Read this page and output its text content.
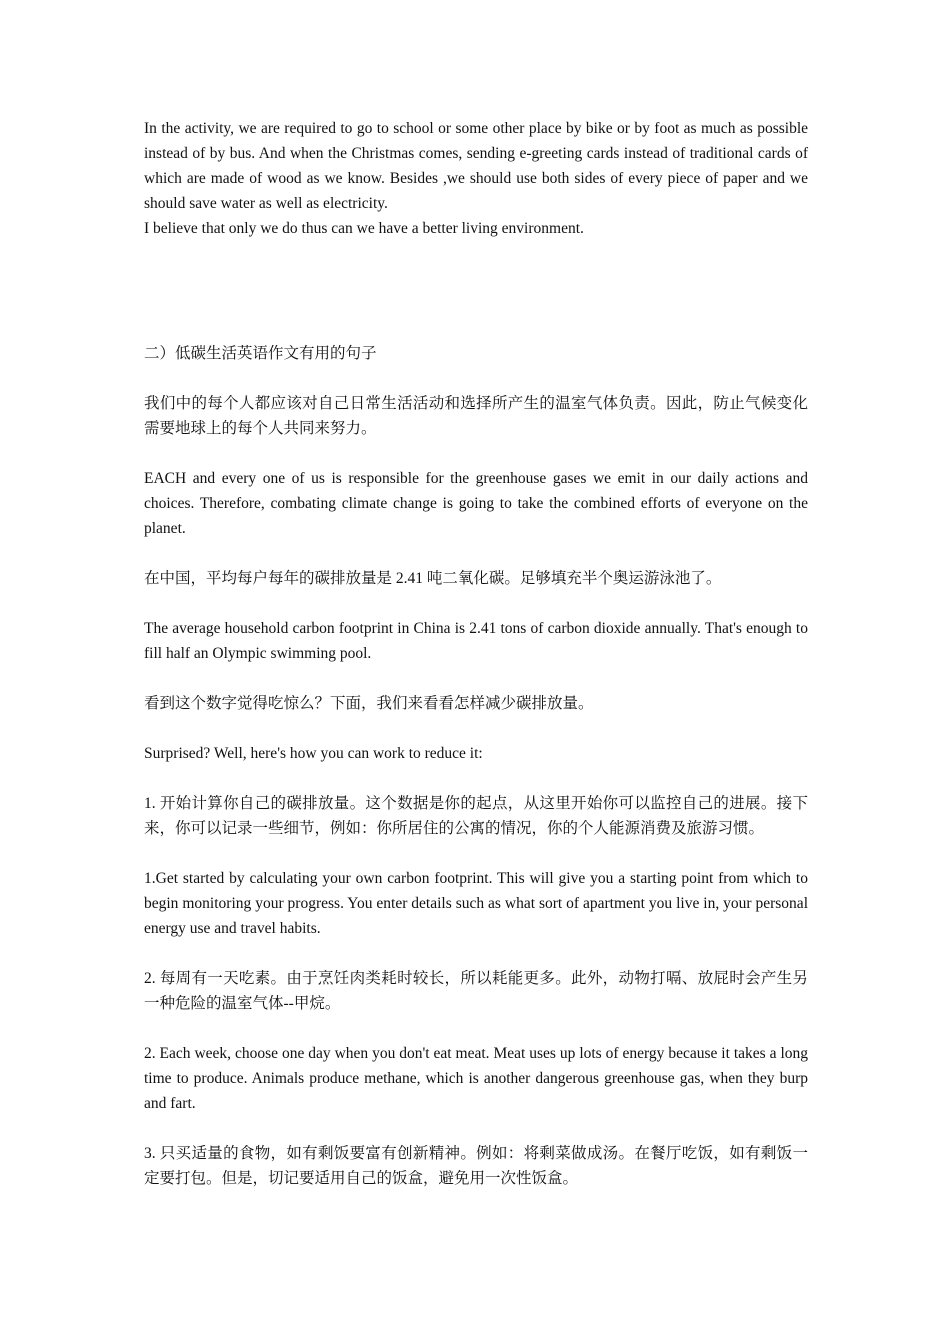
In the activity, we are required to go to school or some other place by bike or by foot as much as possible instead of by bus. And when the Christmas comes, sending e-greeting cards instead of traditional cards of which are made of wood as we know. Besides ,we should use both sides of every piece of paper and we should save water as well as electricity.

I believe that only we do thus can we have a better living environment.

二）低碳生活英语作文有用的句子

我们中的每个人都应该对自己日常生活活动和选择所产生的温室气体负责。因此，防止气候变化需要地球上的每个人共同来努力。

EACH and every one of us is responsible for the greenhouse gases we emit in our daily actions and choices. Therefore, combating climate change is going to take the combined efforts of everyone on the planet.

在中国，平均每户每年的碳排放量是 2.41 吨二氧化碳。足够填充半个奥运游泳池了。

The average household carbon footprint in China is 2.41 tons of carbon dioxide annually. That's enough to fill half an Olympic swimming pool.

看到这个数字觉得吃惊么？下面，我们来看看怎样减少碳排放量。

Surprised? Well, here's how you can work to reduce it:

1. 开始计算你自己的碳排放量。这个数据是你的起点，从这里开始你可以监控自己的进展。接下来，你可以记录一些细节，例如：你所居住的公寓的情况，你的个人能源消费及旅游习惯。

1.Get started by calculating your own carbon footprint. This will give you a starting point from which to begin monitoring your progress. You enter details such as what sort of apartment you live in, your personal energy use and travel habits.

2. 每周有一天吃素。由于烹饪肉类耗时较长，所以耗能更多。此外，动物打嗝、放屁时会产生另一种危险的温室气体--甲烷。

2. Each week, choose one day when you don't eat meat. Meat uses up lots of energy because it takes a long time to produce. Animals produce methane, which is another dangerous greenhouse gas, when they burp and fart.

3. 只买适量的食物，如有剩饭要富有创新精神。例如：将剩菜做成汤。在餐厅吃饭，如有剩饭一定要打包。但是，切记要适用自己的饭盒，避免用一次性饭盒。
